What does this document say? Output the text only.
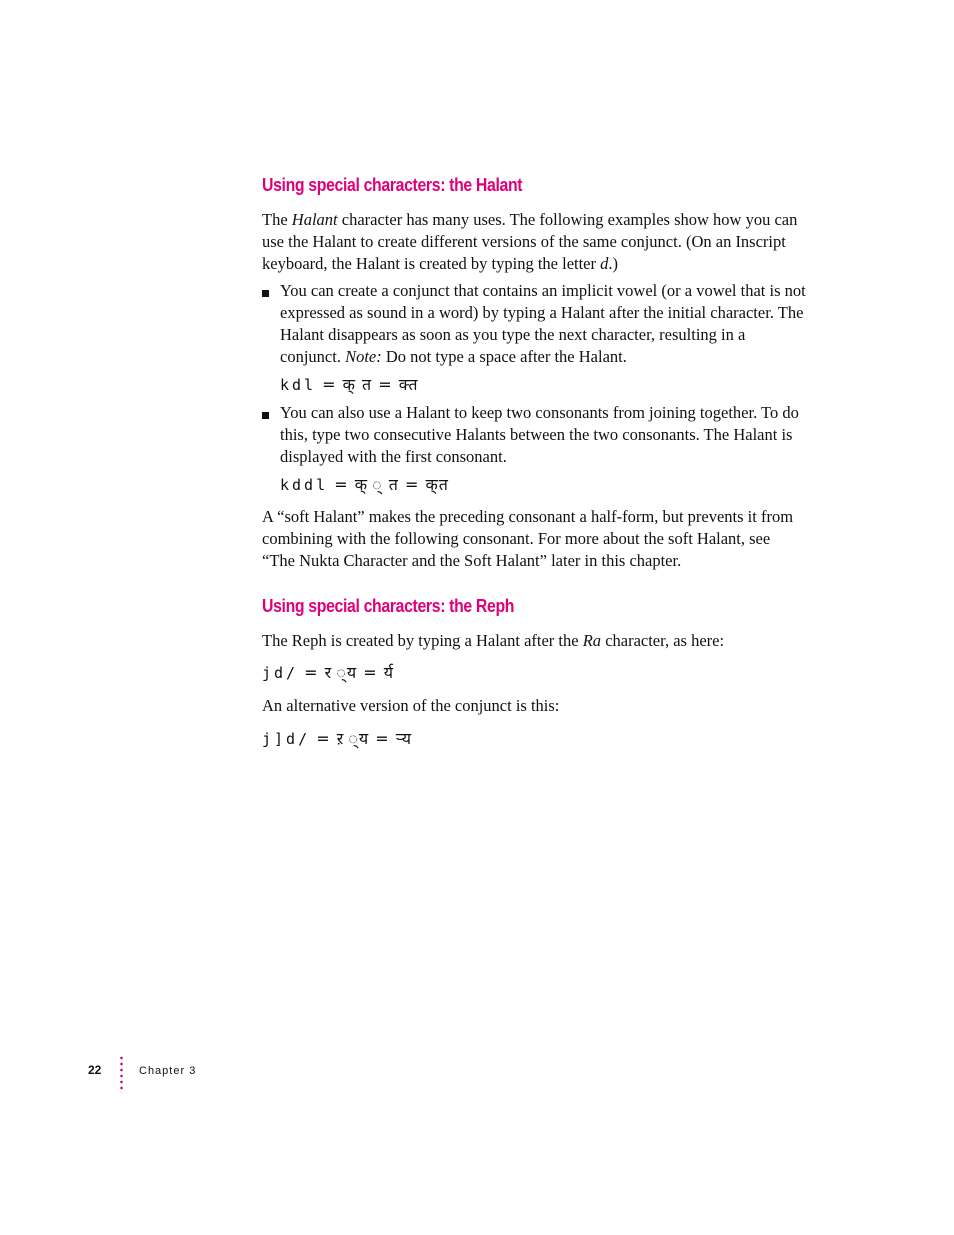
Using special characters: the Halant

The Halant character has many uses. The following examples show how you can use the Halant to create different versions of the same conjunct. (On an Inscript keyboard, the Halant is created by typing the letter d.)

You can create a conjunct that contains an implicit vowel (or a vowel that is not expressed as sound in a word) by typing a Halant after the initial character. The Halant disappears as soon as you type the next character, resulting in a conjunct. Note: Do not type a space after the Halant.

kdl = क् त = क्त

You can also use a Halant to keep two consonants from joining together. To do this, type two consecutive Halants between the two consonants. The Halant is displayed with the first consonant.

kddl = क् ् त = क्‌त

A “soft Halant” makes the preceding consonant a half-form, but prevents it from combining with the following consonant. For more about the soft Halant, see “The Nukta Character and the Soft Halant” later in this chapter.

Using special characters: the Reph

The Reph is created by typing a Halant after the Ra character, as here:

jd/ = र ्य = र्य

An alternative version of the conjunct is this:

j]d/ = ऱ ्य = ऱ्य

22	Chapter 3
